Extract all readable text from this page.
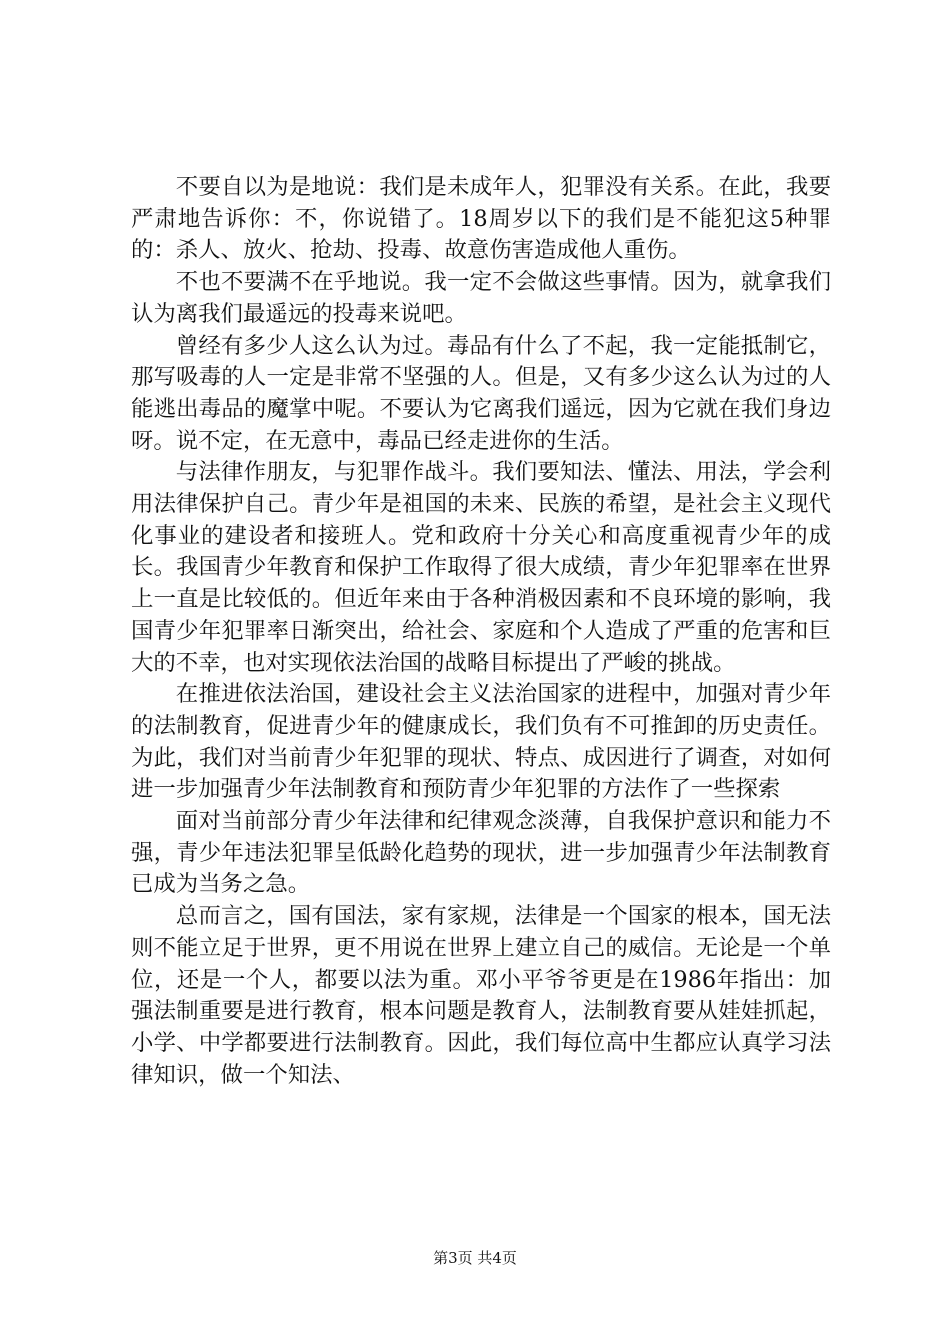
不要自以为是地说：我们是未成年人，犯罪没有关系。在此，我要严肃地告诉你：不，你说错了。18周岁以下的我们是不能犯这5种罪的：杀人、放火、抢劫、投毒、故意伤害造成他人重伤。

不也不要满不在乎地说。我一定不会做这些事情。因为，就拿我们认为离我们最遥远的投毒来说吧。

曾经有多少人这么认为过。毒品有什么了不起，我一定能抵制它，那写吸毒的人一定是非常不坚强的人。但是，又有多少这么认为过的人能逃出毒品的魔掌中呢。不要认为它离我们遥远，因为它就在我们身边呀。说不定，在无意中，毒品已经走进你的生活。

与法律作朋友，与犯罪作战斗。我们要知法、懂法、用法，学会利用法律保护自己。青少年是祖国的未来、民族的希望，是社会主义现代化事业的建设者和接班人。党和政府十分关心和高度重视青少年的成长。我国青少年教育和保护工作取得了很大成绩，青少年犯罪率在世界上一直是比较低的。但近年来由于各种消极因素和不良环境的影响，我国青少年犯罪率日渐突出，给社会、家庭和个人造成了严重的危害和巨大的不幸，也对实现依法治国的战略目标提出了严峻的挑战。

在推进依法治国，建设社会主义法治国家的进程中，加强对青少年的法制教育，促进青少年的健康成长，我们负有不可推卸的历史责任。为此，我们对当前青少年犯罪的现状、特点、成因进行了调查，对如何进一步加强青少年法制教育和预防青少年犯罪的方法作了一些探索

面对当前部分青少年法律和纪律观念淡薄，自我保护意识和能力不强，青少年违法犯罪呈低龄化趋势的现状，进一步加强青少年法制教育已成为当务之急。

总而言之，国有国法，家有家规，法律是一个国家的根本，国无法则不能立足于世界，更不用说在世界上建立自己的威信。无论是一个单位，还是一个人，都要以法为重。邓小平爷爷更是在1986年指出：加强法制重要是进行教育，根本问题是教育人，法制教育要从娃娃抓起，小学、中学都要进行法制教育。因此，我们每位高中生都应认真学习法律知识，做一个知法、

第3页 共4页
